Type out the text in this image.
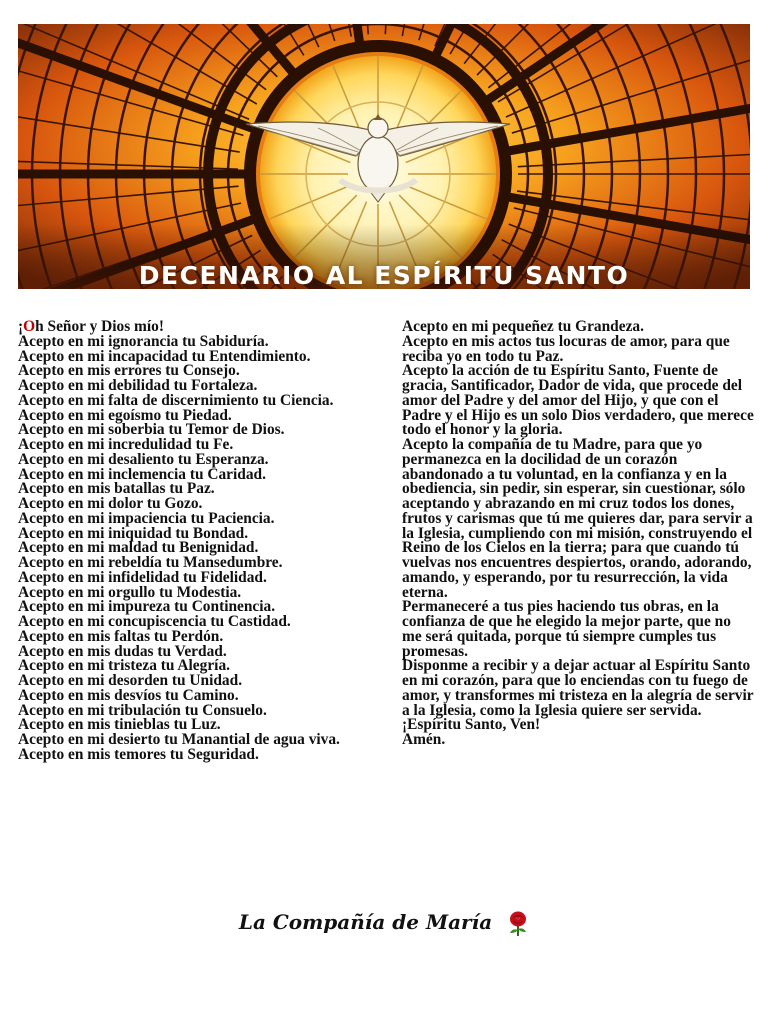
DECENARIO AL ESPÍRITU SANTO

¡Oh Señor y Dios mío!

Acepto en mi ignorancia tu Sabiduría.

Acepto en mi incapacidad tu Entendimiento.

Acepto en mis errores tu Consejo.

Acepto en mi debilidad tu Fortaleza.

Acepto en mi falta de discernimiento tu Ciencia.

Acepto en mi egoísmo tu Piedad.

Acepto en mi soberbia tu Temor de Dios.

Acepto en mi incredulidad tu Fe.

Acepto en mi desaliento tu Esperanza.

Acepto en mi inclemencia tu Caridad.

Acepto en mis batallas tu Paz.

Acepto en mi dolor tu Gozo.

Acepto en mi impaciencia tu Paciencia.

Acepto en mi iniquidad tu Bondad.

Acepto en mi maldad tu Benignidad.

Acepto en mi rebeldía tu Mansedumbre.

Acepto en mi infidelidad tu Fidelidad.

Acepto en mi orgullo tu Modestia.

Acepto en mi impureza tu Continencia.

Acepto en mi concupiscencia tu Castidad.

Acepto en mis faltas tu Perdón.

Acepto en mis dudas tu Verdad.

Acepto en mi tristeza tu Alegría.

Acepto en mi desorden tu Unidad.

Acepto en mis desvíos tu Camino.

Acepto en mi tribulación tu Consuelo.

Acepto en mis tinieblas tu Luz.

Acepto en mi desierto tu Manantial de agua viva.

Acepto en mis temores tu Seguridad.

Acepto en mi pequeñez tu Grandeza.

Acepto en mis actos tus locuras de amor, para que reciba yo en todo tu Paz.

Acepto la acción de tu Espíritu Santo, Fuente de gracia, Santificador, Dador de vida, que procede del amor del Padre y del amor del Hijo, y que con el Padre y el Hijo es un solo Dios verdadero, que merece todo el honor y la gloria.

Acepto la compañía de tu Madre, para que yo permanezca en la docilidad de un corazón abandonado a tu voluntad, en la confianza y en la obediencia, sin pedir, sin esperar, sin cuestionar, sólo aceptando y abrazando en mi cruz todos los dones, frutos y carismas que tú me quieres dar, para servir a la Iglesia, cumpliendo con mi misión, construyendo el Reino de los Cielos en la tierra; para que cuando tú vuelvas nos encuentres despiertos, orando, adorando, amando, y esperando, por tu resurrección, la vida eterna.

Permaneceré a tus pies haciendo tus obras, en la confianza de que he elegido la mejor parte, que no me será quitada, porque tú siempre cumples tus promesas.

Disponme a recibir y a dejar actuar al Espíritu Santo en mi corazón, para que lo enciendas con tu fuego de amor, y transformes mi tristeza en la alegría de servir a la Iglesia, como la Iglesia quiere ser servida.

¡Espíritu Santo, Ven!

Amén.

La Compañía de María
